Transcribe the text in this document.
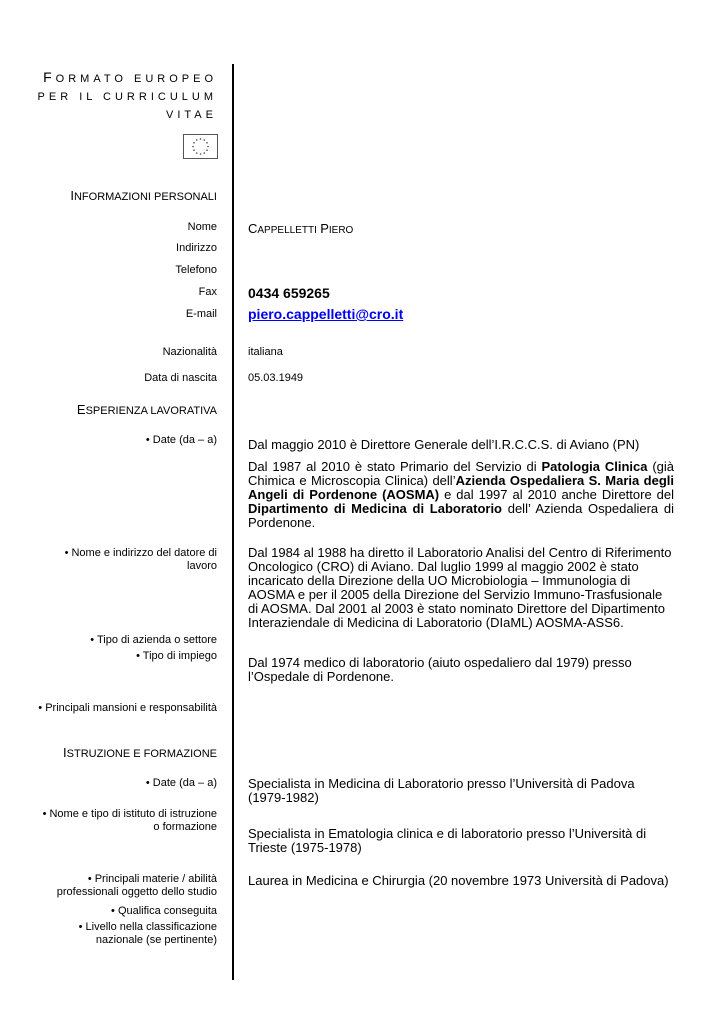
FORMATO EUROPEO
PER IL CURRICULUM
VITAE
INFORMAZIONI PERSONALI
Nome
Indirizzo
Telefono
Fax
E-mail
Nazionalità
Data di nascita
CAPPELLETTI PIERO
0434 659265
piero.cappelletti@cro.it
italiana
05.03.1949
ESPERIENZA LAVORATIVA
• Date (da – a)
• Nome e indirizzo del datore di
lavoro
• Tipo di azienda o settore
• Tipo di impiego
• Principali mansioni e responsabilità
Dal maggio 2010 è Direttore Generale dell’I.R.C.C.S. di Aviano (PN)
Dal 1987 al 2010 è stato Primario del Servizio di Patologia Clinica (già Chimica e Microscopia Clinica) dell’Azienda Ospedaliera S. Maria degli Angeli di Pordenone (AOSMA) e dal 1997 al 2010 anche Direttore del Dipartimento di Medicina di Laboratorio dell’ Azienda Ospedaliera di Pordenone.
Dal 1984 al 1988 ha diretto il Laboratorio Analisi del Centro di Riferimento Oncologico (CRO) di Aviano. Dal luglio 1999 al maggio 2002 è stato incaricato della Direzione della UO Microbiologia – Immunologia di AOSMA e per il 2005 della Direzione del Servizio Immuno-Trasfusionale di AOSMA. Dal 2001 al 2003 è stato nominato Direttore del Dipartimento Interaziendale di Medicina di Laboratorio (DIaML) AOSMA-ASS6.
Dal 1974 medico di laboratorio (aiuto ospedaliero dal 1979) presso l’Ospedale di Pordenone.
ISTRUZIONE E FORMAZIONE
• Date (da – a)
• Nome e tipo di istituto di istruzione
o formazione
• Principali materie / abilità
professionali oggetto dello studio
• Qualifica conseguita
• Livello nella classificazione
nazionale (se pertinente)
Specialista in Medicina di Laboratorio presso l’Università di Padova (1979-1982)
Specialista in Ematologia clinica e di laboratorio presso l’Università di Trieste (1975-1978)
Laurea in Medicina e Chirurgia (20 novembre 1973 Università di Padova)
